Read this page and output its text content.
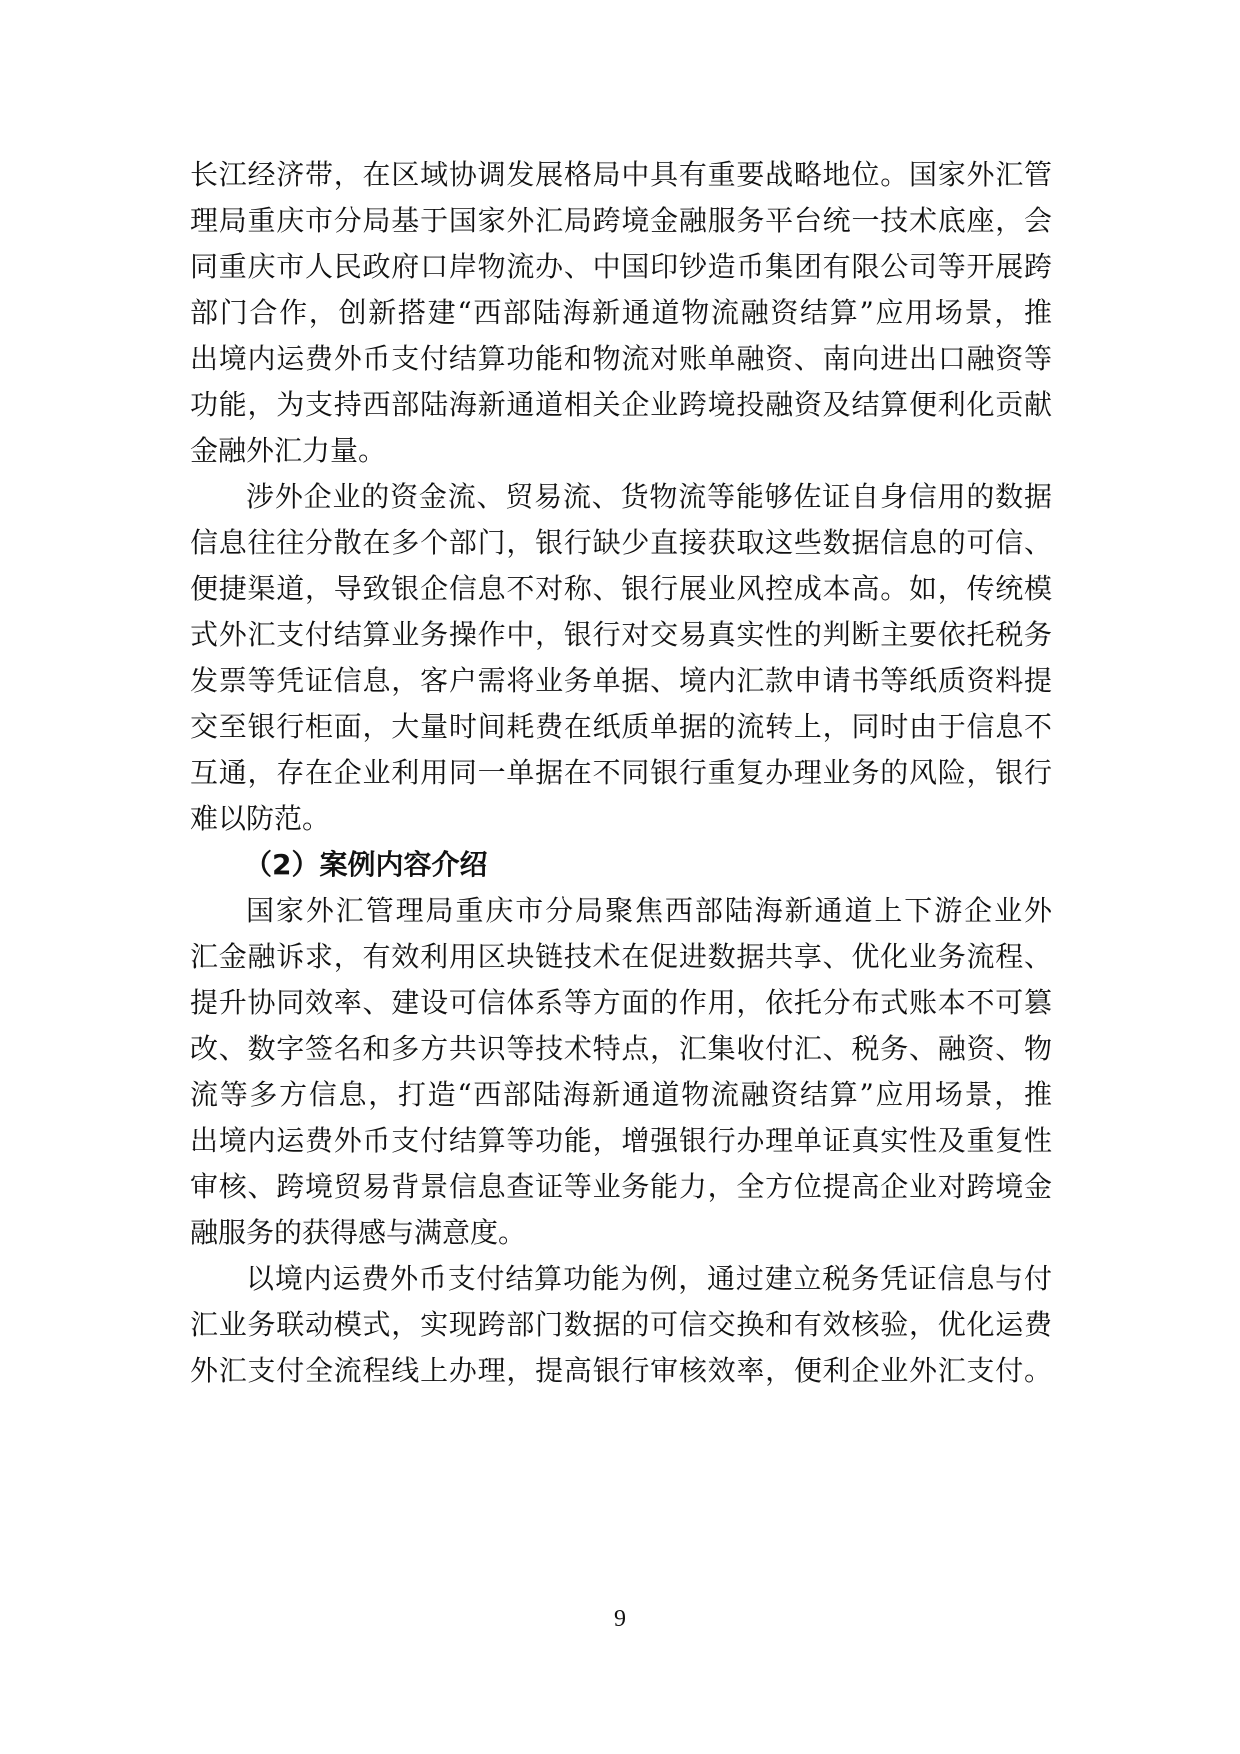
长江经济带，在区域协调发展格局中具有重要战略地位。国家外汇管
理局重庆市分局基于国家外汇局跨境金融服务平台统一技术底座，会
同重庆市人民政府口岸物流办、中国印钞造币集团有限公司等开展跨
部门合作，创新搭建“西部陆海新通道物流融资结算”应用场景，推
出境内运费外币支付结算功能和物流对账单融资、南向进出口融资等
功能，为支持西部陆海新通道相关企业跨境投融资及结算便利化贡献
金融外汇力量。
涉外企业的资金流、贸易流、货物流等能够佐证自身信用的数据
信息往往分散在多个部门，银行缺少直接获取这些数据信息的可信、
便捷渠道，导致银企信息不对称、银行展业风控成本高。如，传统模
式外汇支付结算业务操作中，银行对交易真实性的判断主要依托税务
发票等凭证信息，客户需将业务单据、境内汇款申请书等纸质资料提
交至银行柜面，大量时间耗费在纸质单据的流转上，同时由于信息不
互通，存在企业利用同一单据在不同银行重复办理业务的风险，银行
难以防范。
（2）案例内容介绍
国家外汇管理局重庆市分局聚焦西部陆海新通道上下游企业外
汇金融诉求，有效利用区块链技术在促进数据共享、优化业务流程、
提升协同效率、建设可信体系等方面的作用，依托分布式账本不可篡
改、数字签名和多方共识等技术特点，汇集收付汇、税务、融资、物
流等多方信息，打造“西部陆海新通道物流融资结算”应用场景，推
出境内运费外币支付结算等功能，增强银行办理单证真实性及重复性
审核、跨境贸易背景信息查证等业务能力，全方位提高企业对跨境金
融服务的获得感与满意度。
以境内运费外币支付结算功能为例，通过建立税务凭证信息与付
汇业务联动模式，实现跨部门数据的可信交换和有效核验，优化运费
外汇支付全流程线上办理，提高银行审核效率，便利企业外汇支付。
9
